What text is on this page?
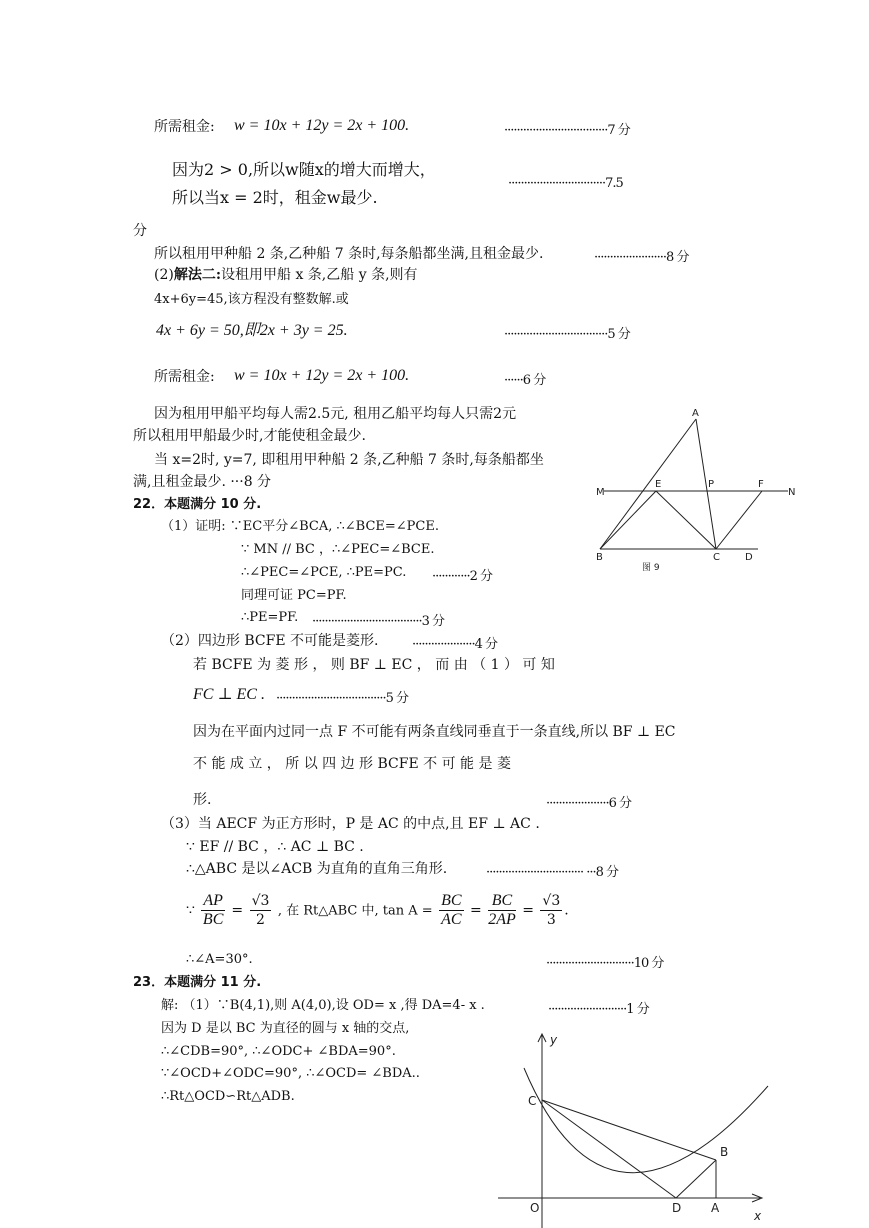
所需租金: w = 10x + 12y = 2x + 100.	·································7 分
因为2 > 0,所以w随x的增大而增大，
所以当x = 2时，租金w最少.
·······························7.5
分
所以租用甲种船 2 条,乙种船 7 条时,每条船都坐满,且租金最少.	·······················8 分
(2)解法二:设租用甲船 x 条,乙船 y 条,则有
4x+6y=45,该方程没有整数解.或
4x + 6y = 50,即2x + 3y = 25.	·································5 分
所需租金: w = 10x + 12y = 2x + 100.	······6 分
因为租用甲船平均每人需2.5元, 租用乙船平均每人只需2元
所以租用甲船最少时,才能使租金最少.
当 x=2时, y=7, 即租用甲种船 2 条,乙种船 7 条时,每条船都坐
满,且租金最少. ···8 分
22．本题满分 10 分.
（1）证明: ∵EC平分∠BCA, ∴∠BCE=∠PCE.
∵ MN // BC ，∴∠PEC=∠BCE.
∴∠PEC=∠PCE, ∴PE=PC. ············2 分
同理可证 PC=PF.
∴PE=PF. ···································3 分
（2）四边形 BCFE 不可能是菱形.	····················4 分
若 BCFE 为 菱 形 ， 则 BF ⊥ EC ， 而 由 （ 1 ） 可 知
FC ⊥ EC . ···································5 分
因为在平面内过同一点 F 不可能有两条直线同垂直于一条直线,所以 BF ⊥ EC
不 能 成 立 ， 所 以 四 边 形 BCFE 不 可 能 是 菱
形.	····················6 分
（3）当 AECF 为正方形时，P 是 AC 的中点,且 EF ⊥ AC .
∵ EF // BC ，∴ AC ⊥ BC .
∴△ABC 是以∠ACB 为直角的直角三角形.	······························· ···8 分
∵ $\frac{AP}{BC} = \frac{√3}{2}$ , 在 Rt△ABC 中, $\tan A = \frac{BC}{AC} = \frac{BC}{2AP} = \frac{√3}{3}$ .
∴∠A=30°.	····························10 分
23．本题满分 11 分.
解: （1）∵B(4,1),则 A(4,0),设 OD= x ,得 DA=4- x .	·························1 分
因为 D 是以 BC 为直径的圆与 x 轴的交点,
∴∠CDB=90°, ∴∠ODC+ ∠BDA=90°.
∵∠OCD+∠ODC=90°, ∴∠OCD= ∠BDA..
∴Rt△OCD∽Rt△ADB.
A
M
E	P	F
N
B	C	D
图 9
y
C
B
O	D A
x
